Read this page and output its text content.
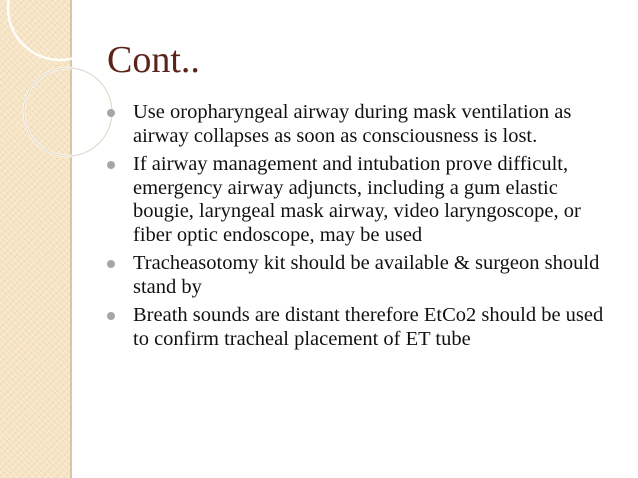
Cont..
Use oropharyngeal airway during mask ventilation as airway collapses as soon as consciousness is lost.
If airway management and intubation prove difficult, emergency airway adjuncts, including a gum elastic bougie, laryngeal mask airway, video laryngoscope, or fiber optic endoscope, may be used
Tracheasotomy kit should be available & surgeon should stand by
Breath sounds are distant therefore EtCo2 should be used to confirm tracheal placement of ET tube
